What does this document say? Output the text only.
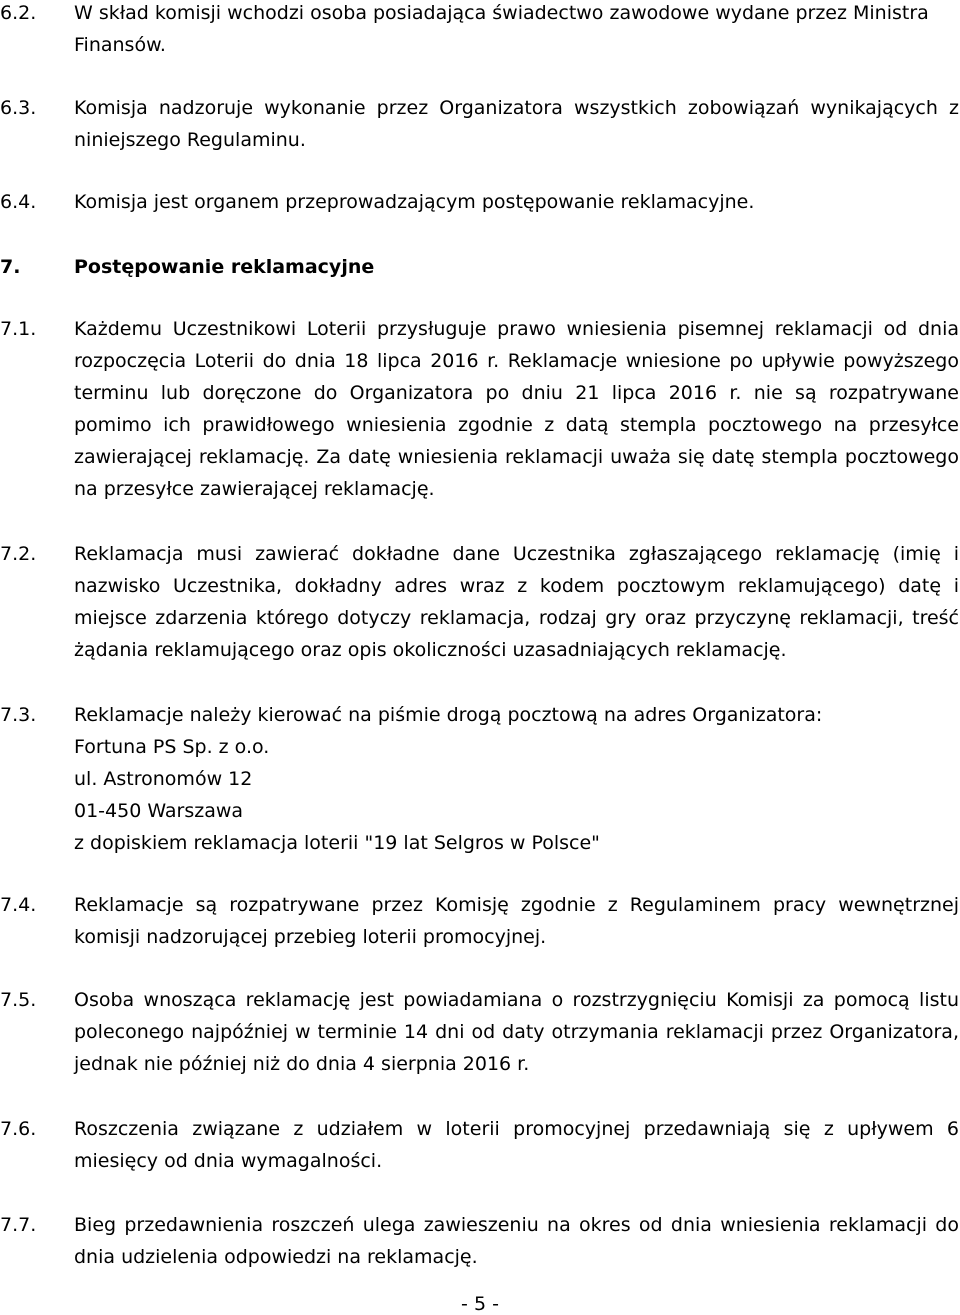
6.2.	W skład komisji wchodzi osoba posiadająca świadectwo zawodowe wydane przez Ministra Finansów.
6.3.	Komisja nadzoruje wykonanie przez Organizatora wszystkich zobowiązań wynikających z niniejszego Regulaminu.
6.4.	Komisja jest organem przeprowadzającym postępowanie reklamacyjne.
7.	Postępowanie reklamacyjne
7.1.	Każdemu Uczestnikowi Loterii przysługuje prawo wniesienia pisemnej reklamacji od dnia rozpoczęcia Loterii do dnia 18 lipca 2016 r. Reklamacje wniesione po upływie powyższego terminu lub doręczone do Organizatora po dniu 21 lipca 2016 r. nie są rozpatrywane pomimo ich prawidłowego wniesienia zgodnie z datą stempla pocztowego na przesyłce zawierającej reklamację. Za datę wniesienia reklamacji uważa się datę stempla pocztowego na przesyłce zawierającej reklamację.
7.2.	Reklamacja musi zawierać dokładne dane Uczestnika zgłaszającego reklamację (imię i nazwisko Uczestnika, dokładny adres wraz z kodem pocztowym reklamującego) datę i miejsce zdarzenia którego dotyczy reklamacja, rodzaj gry oraz przyczynę reklamacji, treść żądania reklamującego oraz opis okoliczności uzasadniających reklamację.
7.3.	Reklamacje należy kierować na piśmie drogą pocztową na adres Organizatora:
Fortuna PS Sp. z o.o.
ul. Astronomów 12
01-450 Warszawa
z dopiskiem reklamacja loterii "19 lat Selgros w Polsce"
7.4.	Reklamacje są rozpatrywane przez Komisję zgodnie z Regulaminem pracy wewnętrznej komisji nadzorującej przebieg loterii promocyjnej.
7.5.	Osoba wnosząca reklamację jest powiadamiana o rozstrzygnięciu Komisji za pomocą listu poleconego najpóźniej w terminie 14 dni od daty otrzymania reklamacji przez Organizatora, jednak nie później niż do dnia 4 sierpnia 2016 r.
7.6.	Roszczenia związane z udziałem w loterii promocyjnej przedawniają się z upływem 6 miesięcy od dnia wymagalności.
7.7.	Bieg przedawnienia roszczeń ulega zawieszeniu na okres od dnia wniesienia reklamacji do dnia udzielenia odpowiedzi na reklamację.
- 5 -
